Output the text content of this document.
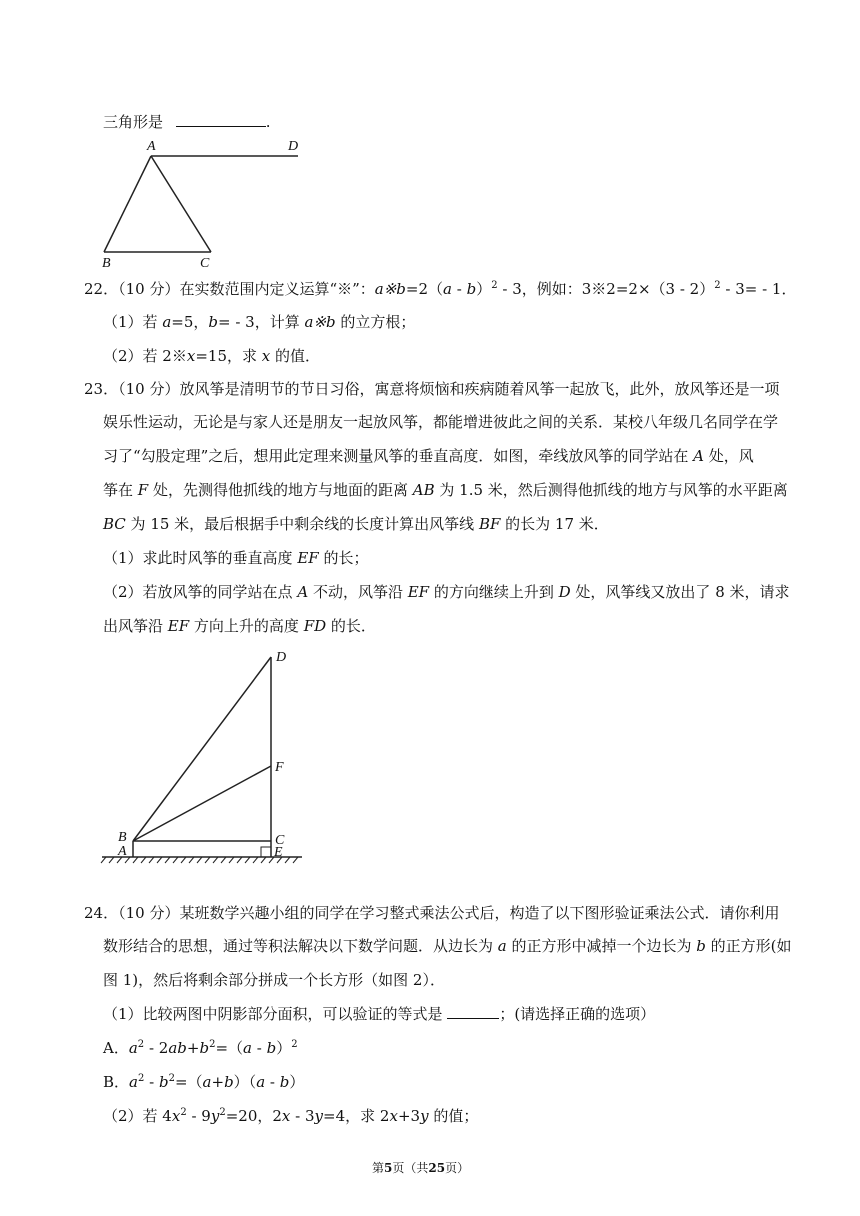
三角形是	.
A	D
B	C
22．（10 分）在实数范围内定义运算“※”：a※b=2（a - b）$^2$ - 3，例如：3※2=2×（3 - 2）$^2$ - 3= - 1．
（1）若 a=5，b= - 3，计算 a※b 的立方根；
（2）若 2※x=15，求 x 的值．
23．（10 分）放风筝是清明节的节日习俗，寓意将烦恼和疾病随着风筝一起放飞，此外，放风筝还是一项
娱乐性运动，无论是与家人还是朋友一起放风筝，都能增进彼此之间的关系．某校八年级几名同学在学
习了“勾股定理”之后，想用此定理来测量风筝的垂直高度．如图，牵线放风筝的同学站在 A 处，风
筝在 F 处，先测得他抓线的地方与地面的距离 AB 为 1.5 米，然后测得他抓线的地方与风筝的水平距离
BC 为 15 米，最后根据手中剩余线的长度计算出风筝线 BF 的长为 17 米．
（1）求此时风筝的垂直高度 EF 的长；
（2）若放风筝的同学站在点 A 不动，风筝沿 EF 的方向继续上升到 D 处，风筝线又放出了 8 米，请求
出风筝沿 EF 方向上升的高度 FD 的长．
D
F
B	C
A	E
24．（10 分）某班数学兴趣小组的同学在学习整式乘法公式后，构造了以下图形验证乘法公式．请你利用
数形结合的思想，通过等积法解决以下数学问题．从边长为 a 的正方形中减掉一个边长为 b 的正方形(如
图 1)，然后将剩余部分拼成一个长方形（如图 2）．
（1）比较两图中阴影部分面积，可以验证的等式是	；(请选择正确的选项）
A．$a^2 - 2ab+b^2=(a - b)^2$
B．$a^2 - b^2=(a+b)(a - b)$
（2）若 $4x^2 - 9y^2=20$，2x - 3y=4，求 2x+3y 的值；
第5页（共25页）
